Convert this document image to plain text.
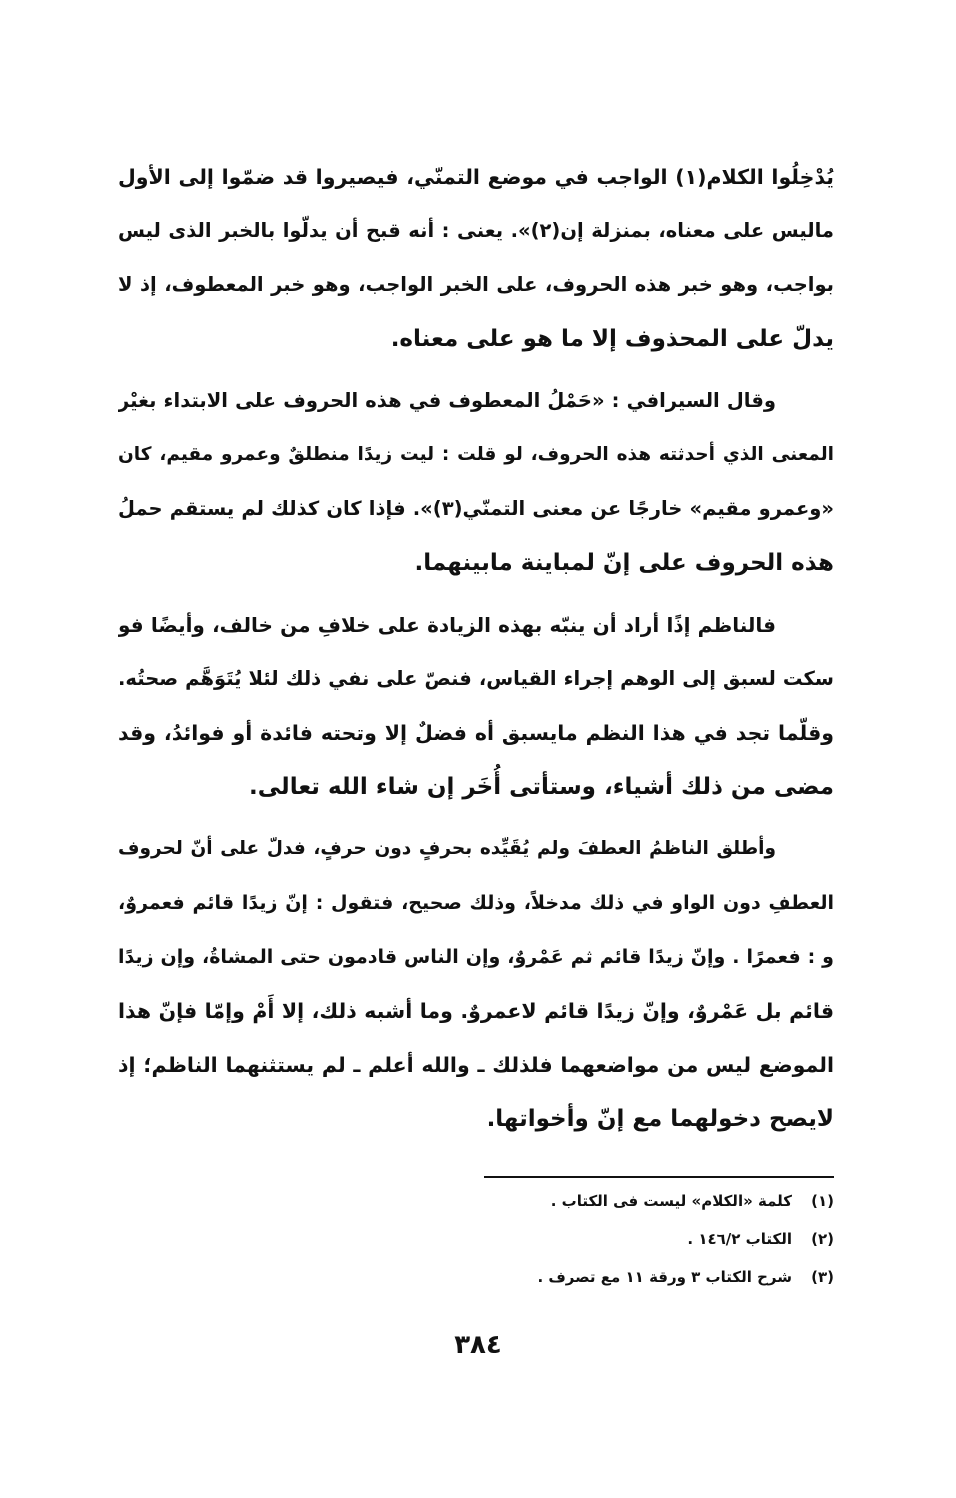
يُدْخِلُوا الكلام(١) الواجب في موضع التمنّي، فيصيروا قد ضمّوا إلى الأول
ماليس على معناه، بمنزلة إن(٢)». يعنى : أنه قبح أن يدلّوا بالخبر الذى ليس
بواجب، وهو خبر هذه الحروف، على الخبر الواجب، وهو خبر المعطوف، إذ لا
يدلّ على المحذوف إلا ما هو على معناه.
وقال السيرافي : «حَمْلُ المعطوف في هذه الحروف على الابتداء بغيْر
المعنى الذي أحدثته هذه الحروف، لو قلت : ليت زيدًا منطلقٌ وعمرو مقيم، كان
«وعمرو مقيم» خارجًا عن معنى التمنّي(٣)». فإذا كان كذلك لم يستقم حملُ
هذه الحروف على إنّ لمباينة مابينهما.
فالناظم إذًا أراد أن ينبّه بهذه الزيادة على خلافِ من خالف، وأيضًا فو
سكت لسبق إلى الوهم إجراء القياس، فنصّ على نفي ذلك لئلا يُتَوَهَّم صحتُه.
وقلّما تجد في هذا النظم مايسبق أه فضلٌ إلا وتحته فائدة أو فوائدُ، وقد
مضى من ذلك أشياء، وستأتى أُخَر إن شاء الله تعالى.
وأطلق الناظمُ العطفَ ولم يُقَيِّده بحرفٍ دون حرفٍ، فدلّ على أنّ لحروف
العطفِ دون الواو في ذلك مدخلاً، وذلك صحيح، فتقول : إنّ زيدًا قائم فعمروٌ،
و : فعمرًا . وإنّ زيدًا قائم ثم عَمْروٌ، وإن الناس قادمون حتى المشاةُ، وإن زيدًا
قائم بل عَمْروٌ، وإنّ زيدًا قائم لاعمروٌ. وما أشبه ذلك، إلا أَمْ وإمّا فإنّ هذا
الموضع ليس من مواضعهما فلذلك ـ والله أعلم ـ لم يستثنهما الناظم؛ إذ
لايصح دخولهما مع إنّ وأخواتها.
(١)
كلمة «الكلام» ليست فى الكتاب .
(٢)
الكتاب ١٤٦/٢ .
(٣)
شرح الكتاب ٣ ورقة ١١ مع تصرف .
٣٨٤
